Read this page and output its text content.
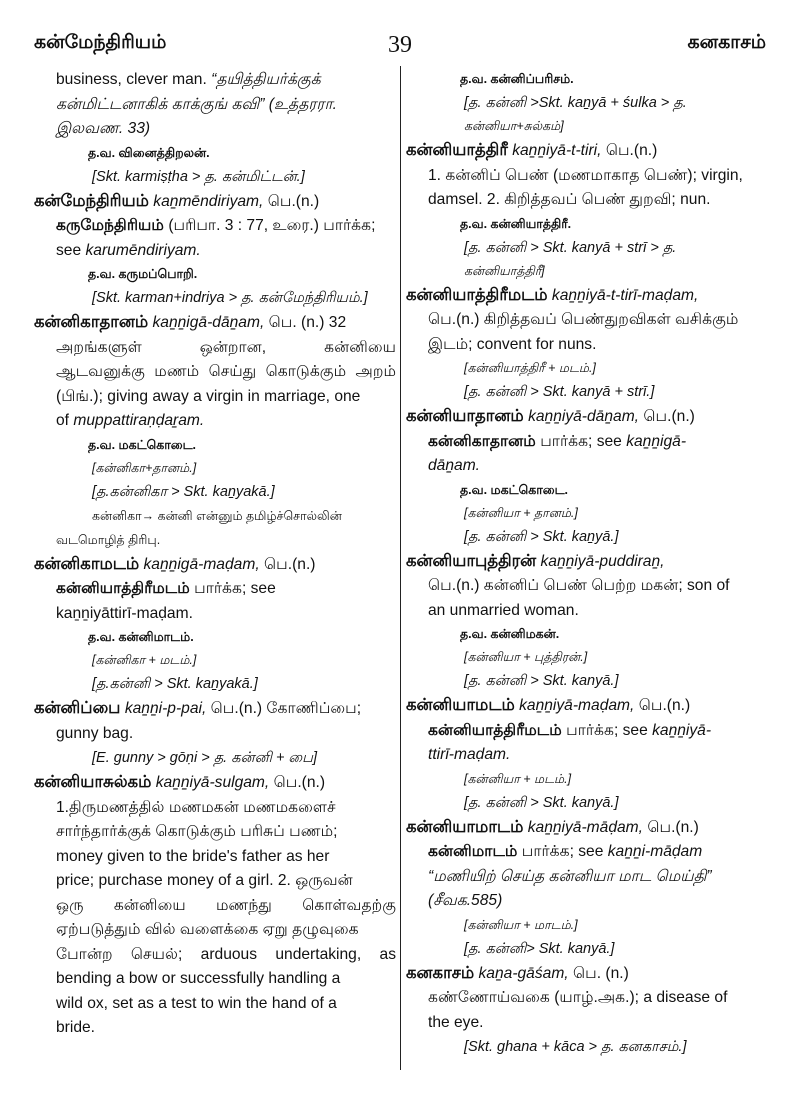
கன்மேந்திரியம்	39	கனகாசம்
business, clever man. “தயித்தியர்க்குக்
கன்மிட்டனாகிக் காக்குங் கவி” (உத்தரரா.
இலவண. 33)
த.வ. வினைத்திறலன்.
[Skt. karmiṣṭha > த. கன்மிட்டன்.]
கன்மேந்திரியம் kaṉmēndiriyam, பெ.(n.)
கருமேந்திரியம் (பரிபா. 3 : 77, உரை.) பார்க்க;
see karumēndiriyam.
த.வ. கருமப்பொறி.
[Skt. karman+indriya > த. கன்மேந்திரியம்.]
கன்னிகாதானம் kaṉṉigā-dāṉam, பெ. (n.) 32
அறங்களுள் ஒன்றான, கன்னியை
ஆடவனுக்கு மணம் செய்து கொடுக்கும் அறம்
(பிங்.); giving away a virgin in marriage, one
of muppattiraṇḍaṟam.
த.வ. மகட்கொடை.
[கன்னிகா+தானம்.]
[த.கன்னிகா > Skt. kaṉyakā.]
கன்னிகா→ கன்னி என்னும் தமிழ்ச்சொல்லின்
வடமொழித் திரிபு.
கன்னிகாமடம் kaṉṉigā-maḍam, பெ.(n.)
கன்னியாத்திரீமடம் பார்க்க; see
kaṉṉiyāttirī-maḍam.
த.வ. கன்னிமாடம்.
[கன்னிகா + மடம்.]
[த.கன்னி > Skt. kaṉyakā.]
கன்னிப்பை kaṉṉi-p-pai, பெ.(n.) கோணிப்பை;
gunny bag.
[E. gunny > gōṇi > த. கன்னி + பை]
கன்னியாசுல்கம் kaṉṉiyā-sulgam, பெ.(n.)
1.திருமணத்தில் மணமகன் மணமகளைச்
சார்ந்தார்க்குக் கொடுக்கும் பரிசுப் பணம்;
money given to the bride's father as her
price; purchase money of a girl. 2. ஒருவன்
ஒரு கன்னியை மணந்து கொள்வதற்கு
ஏற்படுத்தும் வில் வளைக்கை ஏறு தழுவுகை
போன்ற செயல்; arduous undertaking, as
bending a bow or successfully handling a
wild ox, set as a test to win the hand of a
bride.
த.வ. கன்னிப்பரிசம்.
[த. கன்னி >Skt. kaṉyā + śulka > த.
கன்னியா+சுல்கம்]
கன்னியாத்திரீ kaṉṉiyā-t-tiri, பெ.(n.)
1. கன்னிப் பெண் (மணமாகாத பெண்); virgin,
damsel. 2. கிறித்தவப் பெண் துறவி; nun.
த.வ. கன்னியாத்திரீ.
[த. கன்னி > Skt. kanyā + strī > த.
கன்னியாத்திரீ]
கன்னியாத்திரீமடம் kaṉṉiyā-t-tirī-maḍam,
பெ.(n.) கிறித்தவப் பெண்துறவிகள் வசிக்கும்
இடம்; convent for nuns.
[கன்னியாத்திரீ + மடம்.]
[த. கன்னி > Skt. kanyā + strī.]
கன்னியாதானம் kaṉṉiyā-dāṉam, பெ.(n.)
கன்னிகாதானம் பார்க்க; see kaṉṉigā-
dāṉam.
த.வ. மகட்கொடை.
[கன்னியா + தானம்.]
[த. கன்னி > Skt. kaṉyā.]
கன்னியாபுத்திரன் kaṉṉiyā-puddiraṉ,
பெ.(n.) கன்னிப் பெண் பெற்ற மகன்; son of
an unmarried woman.
த.வ. கன்னிமகன்.
[கன்னியா + புத்திரன்.]
[த. கன்னி > Skt. kanyā.]
கன்னியாமடம் kaṉṉiyā-maḍam, பெ.(n.)
கன்னியாத்திரீமடம் பார்க்க; see kaṉṉiyā-
ttirī-maḍam.
[கன்னியா + மடம்.]
[த. கன்னி > Skt. kanyā.]
கன்னியாமாடம் kaṉṉiyā-māḍam, பெ.(n.)
கன்னிமாடம் பார்க்க; see kaṉṉi-māḍam
“மணியிற் செய்த கன்னியா மாட மெய்தி”
(சீவக.585)
[கன்னியா + மாடம்.]
[த. கன்னி> Skt. kanyā.]
கனகாசம் kaṉa-gāśam, பெ. (n.)
கண்ணோய்வகை (யாழ்.அக.); a disease of
the eye.
[Skt. ghana + kāca > த. கனகாசம்.]
